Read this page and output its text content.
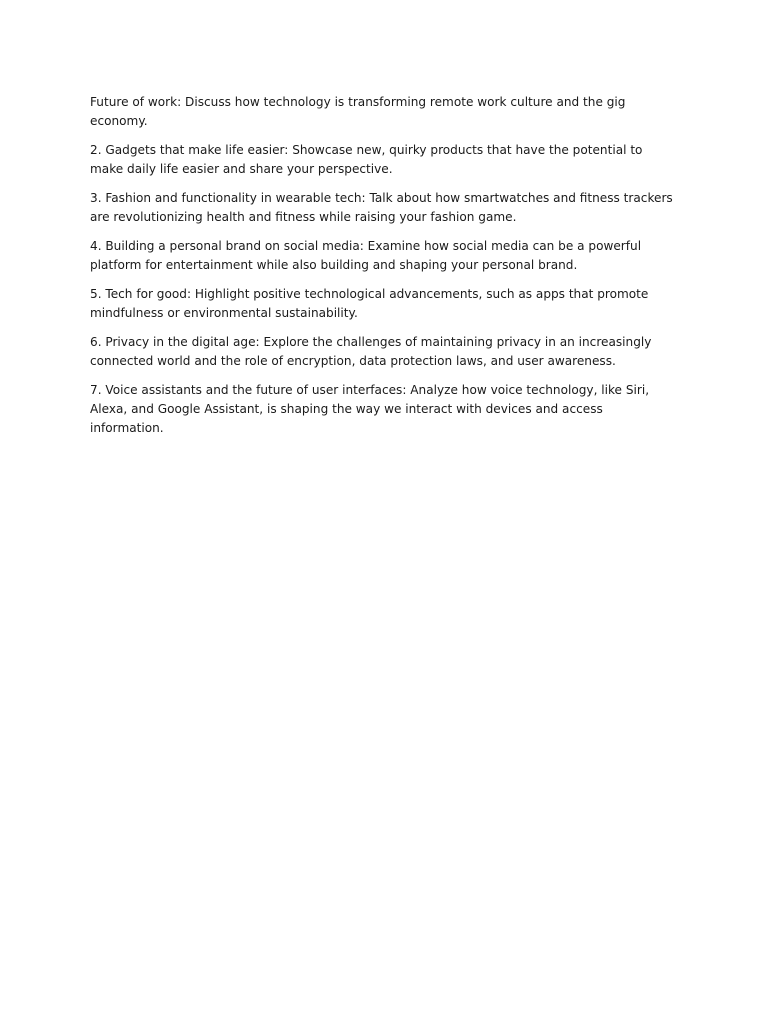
Future of work: Discuss how technology is transforming remote work culture and the gig economy.

2. Gadgets that make life easier: Showcase new, quirky products that have the potential to make daily life easier and share your perspective.

3. Fashion and functionality in wearable tech: Talk about how smartwatches and fitness trackers are revolutionizing health and fitness while raising your fashion game.

4. Building a personal brand on social media: Examine how social media can be a powerful platform for entertainment while also building and shaping your personal brand.

5. Tech for good: Highlight positive technological advancements, such as apps that promote mindfulness or environmental sustainability.

6. Privacy in the digital age: Explore the challenges of maintaining privacy in an increasingly connected world and the role of encryption, data protection laws, and user awareness.

7. Voice assistants and the future of user interfaces: Analyze how voice technology, like Siri, Alexa, and Google Assistant, is shaping the way we interact with devices and access information.
